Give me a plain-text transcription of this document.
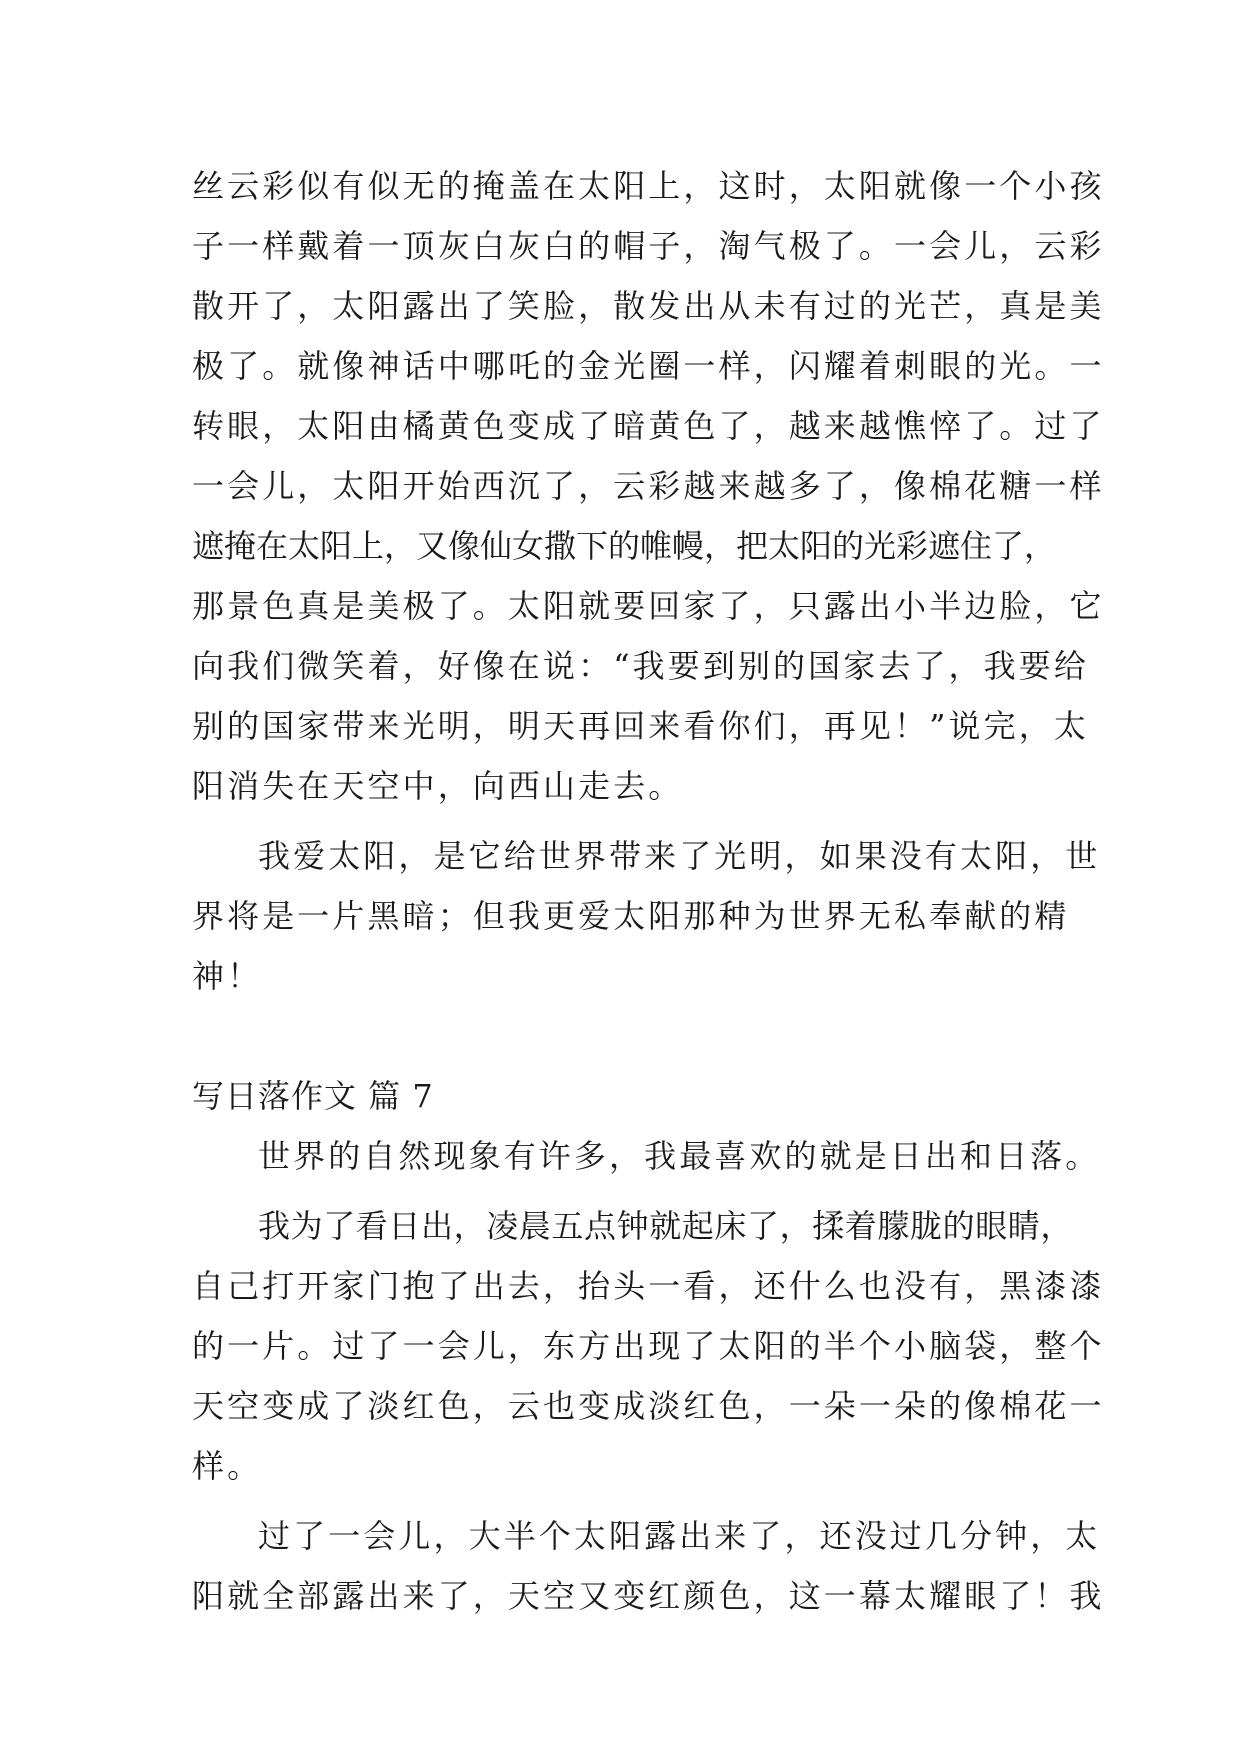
丝云彩似有似无的掩盖在太阳上，这时，太阳就像一个小孩
子一样戴着一顶灰白灰白的帽子，淘气极了。一会儿，云彩
散开了，太阳露出了笑脸，散发出从未有过的光芒，真是美
极了。就像神话中哪吒的金光圈一样，闪耀着刺眼的光。一
转眼，太阳由橘黄色变成了暗黄色了，越来越憔悴了。过了
一会儿，太阳开始西沉了，云彩越来越多了，像棉花糖一样
遮掩在太阳上，又像仙女撒下的帷幔，把太阳的光彩遮住了，
那景色真是美极了。太阳就要回家了，只露出小半边脸，它
向我们微笑着，好像在说：“我要到别的国家去了，我要给
别的国家带来光明，明天再回来看你们，再见！”说完，太
阳消失在天空中，向西山走去。
我爱太阳，是它给世界带来了光明，如果没有太阳，世
界将是一片黑暗；但我更爱太阳那种为世界无私奉献的精
神！
写日落作文 篇 7
世界的自然现象有许多，我最喜欢的就是日出和日落。
我为了看日出，凌晨五点钟就起床了，揉着朦胧的眼睛，
自己打开家门抱了出去，抬头一看，还什么也没有，黑漆漆
的一片。过了一会儿，东方出现了太阳的半个小脑袋，整个
天空变成了淡红色，云也变成淡红色，一朵一朵的像棉花一
样。
过了一会儿，大半个太阳露出来了，还没过几分钟，太
阳就全部露出来了，天空又变红颜色，这一幕太耀眼了！我
